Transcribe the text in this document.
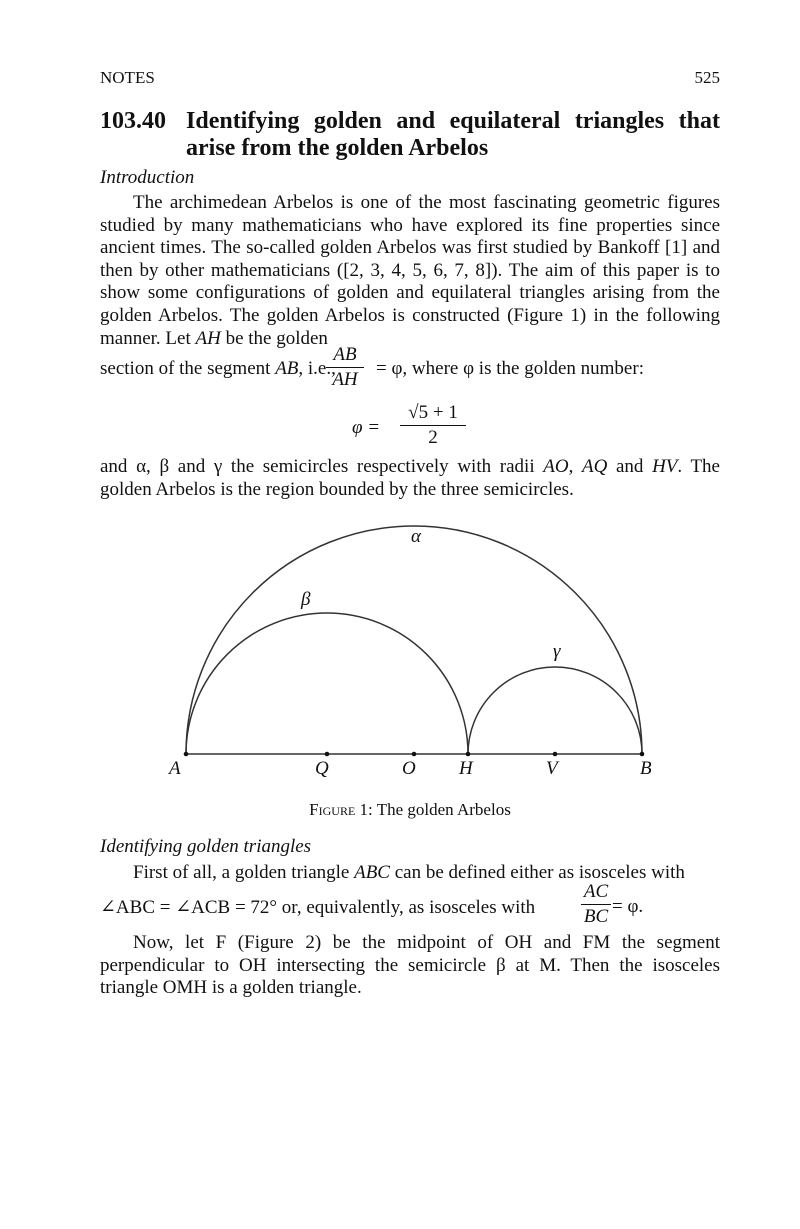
NOTES	525
103.40 Identifying golden and equilateral triangles that arise from the golden Arbelos
Introduction
The archimedean Arbelos is one of the most fascinating geometric figures studied by many mathematicians who have explored its fine properties since ancient times. The so-called golden Arbelos was first studied by Bankoff [1] and then by other mathematicians ([2, 3, 4, 5, 6, 7, 8]). The aim of this paper is to show some configurations of golden and equilateral triangles arising from the golden Arbelos. The golden Arbelos is constructed (Figure 1) in the following manner. Let AH be the golden
section of the segment AB, i.e., = φ, where φ is the golden number:
AB
AH
φ =
√5 + 1
2
and α, β and γ the semicircles respectively with radii AO, AQ and HV. The golden Arbelos is the region bounded by the three semicircles.
Figure 1: The golden Arbelos
Identifying golden triangles
First of all, a golden triangle ABC can be defined either as isosceles with
∠ABC = ∠ACB = 72° or, equivalently, as isosceles with
AC
BC = φ.
Now, let F (Figure 2) be the midpoint of OH and FM the segment perpendicular to OH intersecting the semicircle β at M. Then the isosceles triangle OMH is a golden triangle.
α
β
γ
A	Q	O H	V	B
